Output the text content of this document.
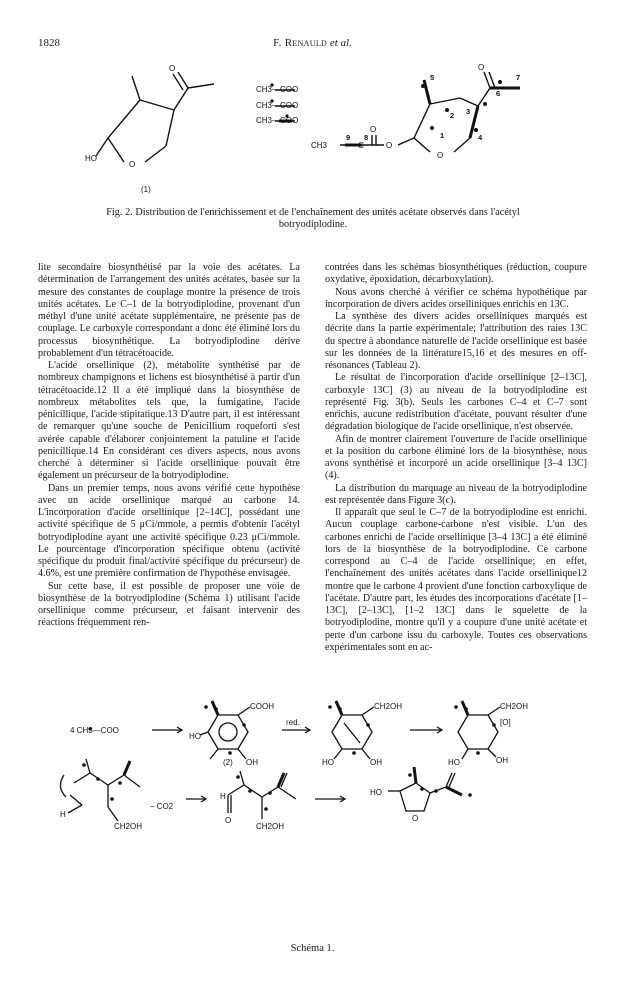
1828	F. Renauld et al.
HO
O
O
(1)
CH3—COO
CH3—COO
CH3—COO
CH3	C
O
O
O
O
5
6
7
2 3
1	4
9 8
Fig. 2. Distribution de l'enrichissement et de l'enchaînement des unités acétate observés dans l'acétyl botryodiplodine.

lite secondaire biosynthétisé par la voie des acétates. La détermination de l'arrangement des unités acétates, basée sur la mesure des constantes de couplage montre la présence de trois unités acétates. Le C–1 de la botryodiplodine, provenant d'un méthyl d'une unité acétate supplémentaire, ne présente pas de couplage. Le carboxyle correspondant a donc été éliminé lors du processus biosynthétique. La botryodiplodine dérive probablement d'un tétracétoacide.

L'acide orsellinique (2), métabolite synthétisé par de nombreux champignons et lichens est biosynthétisé à partir d'un tétracétoacide.12 Il a été impliqué dans la biosynthèse de nombreux métabolites tels que, la fumigatine, l'acide pénicillique, l'acide stipitatique.13 D'autre part, il est intéressant de remarquer qu'une souche de Penicillium roqueforti s'est avérée capable d'élaborer conjointement la patuline et l'acide penicillique.14 En considérant ces divers aspects, nous avons cherché à déterminer si l'acide orsellinique pouvait être également un précurseur de la botryodiplodine.

Dans un premier temps, nous avons vérifié cette hypothèse avec un acide orsellinique marqué au carbone 14. L'incorporation d'acide orsellinique [2–14C], possédant une activité spécifique de 5 μCi/mmole, a permis d'obtenir l'acétyl botryodiplodine ayant une activité spécifique 0.23 μCi/mmole. Le pourcentage d'incorporation spécifique obtenu (activité spécifique du produit final/activité spécifique du précurseur) de 4.6%, est une première confirmation de l'hypothèse envisagée.

Sur cette base, il est possible de proposer une voie de biosynthèse de la botryodiplodine (Schéma 1) utilisant l'acide orsellinique comme précurseur, et faisant intervenir des réactions fréquemment ren-

contrées dans les schémas biosynthétiques (réduction, coupure oxydative, époxidation, décarboxylation).

Nous avons cherché à vérifier ce schéma hypothétique par incorporation de divers acides orselliniques enrichis en 13C.

La synthèse des divers acides orselliniques marqués est décrite dans la partie expérimentale; l'attribution des raies 13C du spectre à abondance naturelle de l'acide orsellinique est basée sur les données de la littérature15,16 et des mesures en off-résonances (Tableau 2).

Le résultat de l'incorporation d'acide orsellinique [2–13C], carboxyle 13C] (3) au niveau de la botryodiplodine est représenté Fig. 3(b). Seuls les carbones C–4 et C–7 sont enrichis, aucune redistribution d'acétate, pouvant résulter d'une dégradation biologique de l'acide orsellinique, n'est observée.

Afin de montrer clairement l'ouverture de l'acide orsellinique et la position du carbone éliminé lors de la biosynthèse, nous avons synthétisé et incorporé un acide orsellinique [3–4 13C] (4).

La distribution du marquage au niveau de la botryodiplodine est représentée dans Figure 3(c).

Il apparaît que seul le C–7 de la botryodiplodine est enrichi. Aucun couplage carbone-carbone n'est visible. L'un des carbones enrichi de l'acide orsellinique [3–4 13C] a été éliminé lors de la biosynthèse de la botryodiplodine. Ce carbone correspond au C–4 de l'acide orsellinique; en effet, l'enchaînement des unités acétates dans l'acide orsellinique12 montre que le carbone 4 provient d'une fonction carboxylique de l'acétate. D'autre part, les études des incorporations d'acétate [1–13C], [2–13C], [1–2 13C] dans le squelette de la botryodiplodine, montre qu'il y a coupure d'une unité acétate et perte d'un carbone issu du carboxyle. Toutes ces observations expérimentales sont en ac-

4 CH3—COO
COOH
HO
OH
(2)
red.
CH2OH
HO	OH
CH2OH
[O]
HO	OH
H
CH2OH
– CO2
H
O
CH2OH
HO
O
Schéma 1.
